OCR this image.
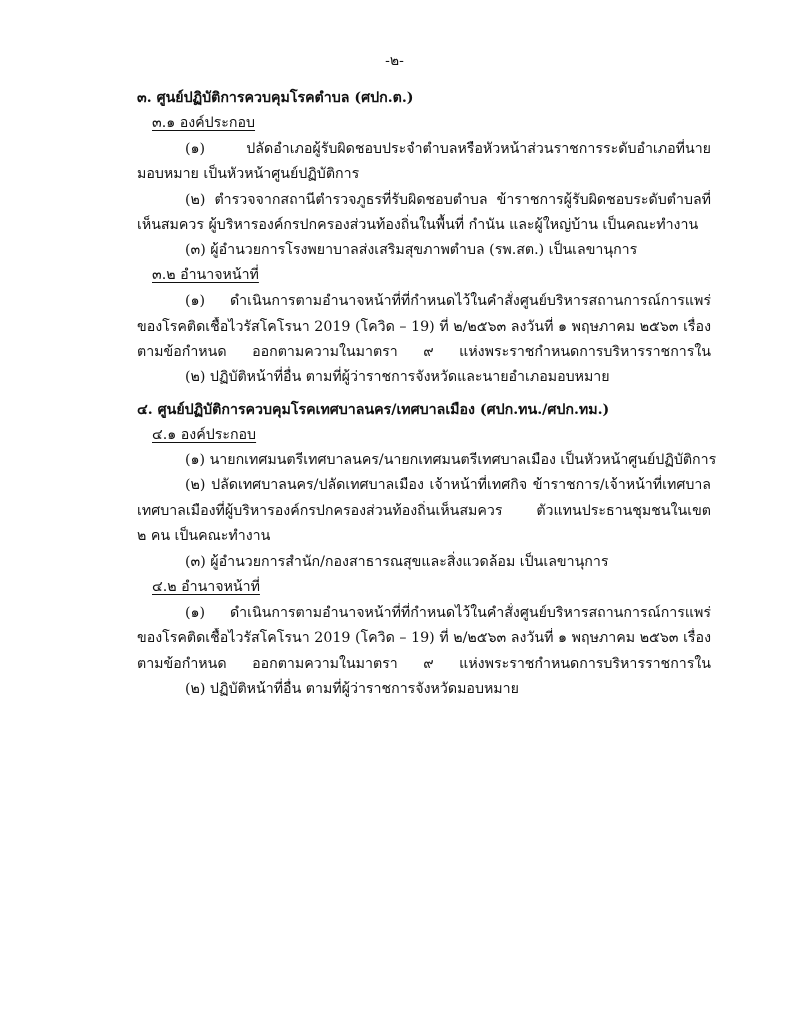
-๒-
๓. ศูนย์ปฏิบัติการควบคุมโรคตำบล (ศปก.ต.)
๓.๑ องค์ประกอบ
(๑) ปลัดอำเภอผู้รับผิดชอบประจำตำบลหรือหัวหน้าส่วนราชการระดับอำเภอที่นาย
มอบหมาย เป็นหัวหน้าศูนย์ปฏิบัติการ
(๒) ตำรวจจากสถานีตำรวจภูธรที่รับผิดชอบตำบล ข้าราชการผู้รับผิดชอบระดับตำบลที่
เห็นสมควร ผู้บริหารองค์กรปกครองส่วนท้องถิ่นในพื้นที่ กำนัน และผู้ใหญ่บ้าน เป็นคณะทำงาน
(๓) ผู้อำนวยการโรงพยาบาลส่งเสริมสุขภาพตำบล (รพ.สต.) เป็นเลขานุการ
๓.๒ อำนาจหน้าที่
(๑) ดำเนินการตามอำนาจหน้าที่ที่กำหนดไว้ในคำสั่งศูนย์บริหารสถานการณ์การแพร่
ของโรคติดเชื้อไวรัสโคโรนา 2019 (โควิด – 19) ที่ ๒/๒๕๖๓ ลงวันที่ ๑ พฤษภาคม ๒๕๖๓ เรื่อง
ตามข้อกำหนด ออกตามความในมาตรา ๙ แห่งพระราชกำหนดการบริหารราชการใน
(๒) ปฏิบัติหน้าที่อื่น ตามที่ผู้ว่าราชการจังหวัดและนายอำเภอมอบหมาย
๔. ศูนย์ปฏิบัติการควบคุมโรคเทศบาลนคร/เทศบาลเมือง (ศปก.ทน./ศปก.ทม.)
๔.๑ องค์ประกอบ
(๑) นายกเทศมนตรีเทศบาลนคร/นายกเทศมนตรีเทศบาลเมือง เป็นหัวหน้าศูนย์ปฏิบัติการ
(๒) ปลัดเทศบาลนคร/ปลัดเทศบาลเมือง เจ้าหน้าที่เทศกิจ ข้าราชการ/เจ้าหน้าที่เทศบาล
เทศบาลเมืองที่ผู้บริหารองค์กรปกครองส่วนท้องถิ่นเห็นสมควร ตัวแทนประธานชุมชนในเขต
๒ คน เป็นคณะทำงาน
(๓) ผู้อำนวยการสำนัก/กองสาธารณสุขและสิ่งแวดล้อม เป็นเลขานุการ
๔.๒ อำนาจหน้าที่
(๑) ดำเนินการตามอำนาจหน้าที่ที่กำหนดไว้ในคำสั่งศูนย์บริหารสถานการณ์การแพร่
ของโรคติดเชื้อไวรัสโคโรนา 2019 (โควิด – 19) ที่ ๒/๒๕๖๓ ลงวันที่ ๑ พฤษภาคม ๒๕๖๓ เรื่อง
ตามข้อกำหนด ออกตามความในมาตรา ๙ แห่งพระราชกำหนดการบริหารราชการใน
(๒) ปฏิบัติหน้าที่อื่น ตามที่ผู้ว่าราชการจังหวัดมอบหมาย
